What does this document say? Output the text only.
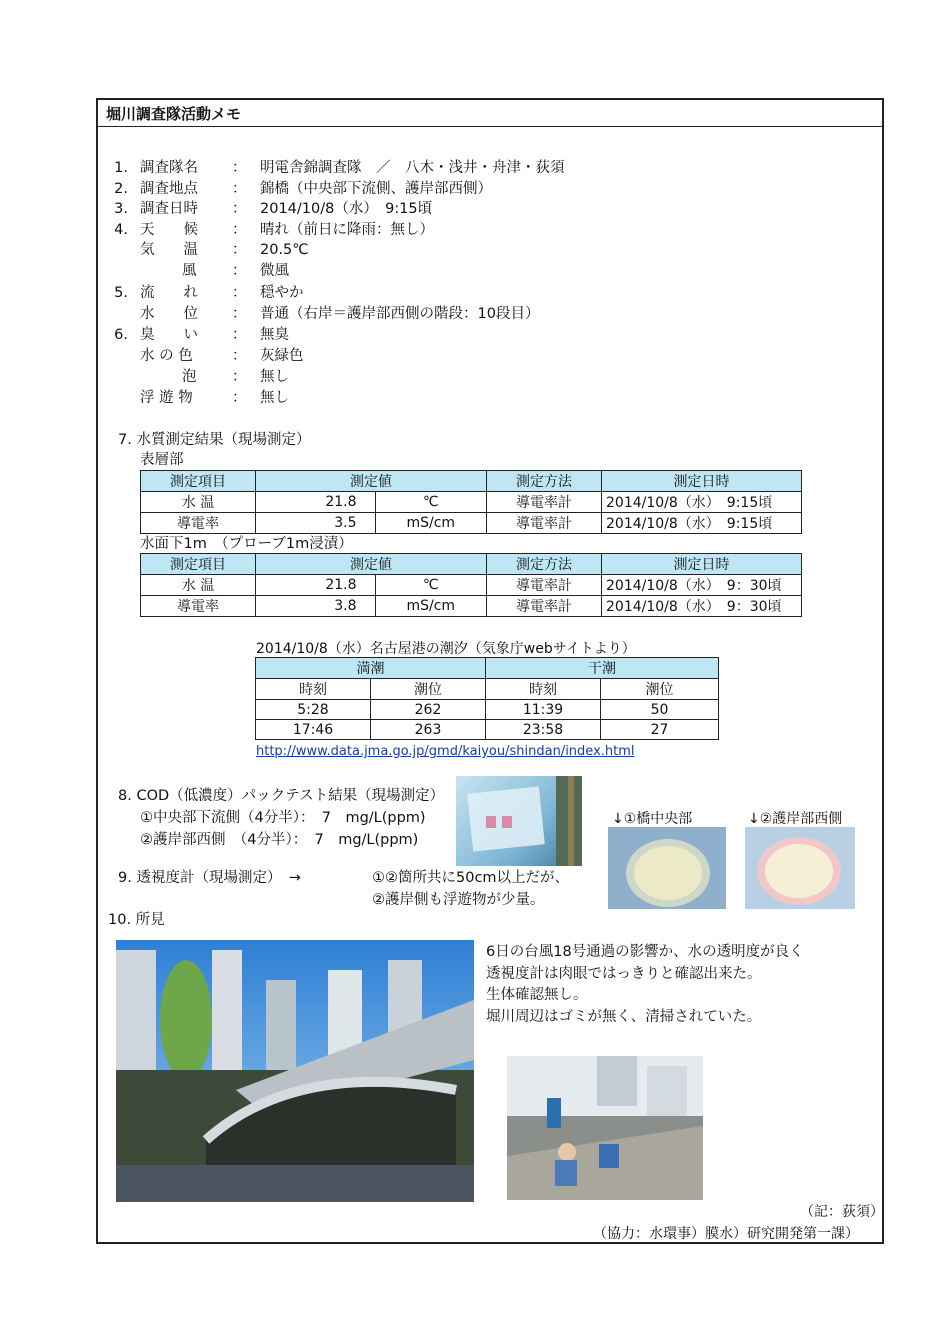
堀川調査隊活動メモ
1. 調査隊名 ： 明電舎錦調査隊　／　八木・浅井・舟津・荻須
2. 調査地点 ： 錦橋（中央部下流側、護岸部西側）
3. 調査日時 ： 2014/10/8（水）　9:15頃
4. 天　　候 ： 晴れ（前日に降雨：無し）
気　　温 ： 20.5℃
風 ： 微風
5. 流　　れ ： 穏やか
水　　位 ： 普通（右岸＝護岸部西側の階段：10段目）
6. 臭　　い ： 無臭
水 の 色	： 灰緑色
泡 ： 無し
浮 遊 物	： 無し
7. 水質測定結果（現場測定）
表層部
測定項目	測定値		測定方法	測定日時
水 温	21.8	℃	導電率計	2014/10/8（水）　9:15頃
導電率	3.5	mS/cm	導電率計	2014/10/8（水）　9:15頃
水面下1m　（プローブ1m浸漬）
測定項目	測定値		測定方法	測定日時
水 温	21.8	℃	導電率計	2014/10/8（水）　9：30頃
導電率	3.8	mS/cm	導電率計	2014/10/8（水）　9：30頃
2014/10/8（水）名古屋港の潮汐（気象庁webサイトより）
満潮		干潮	
時刻	潮位	時刻	潮位
5:28	262	11:39	50
17:46	263	23:58	27
http://www.data.jma.go.jp/gmd/kaiyou/shindan/index.html
8. COD（低濃度）パックテスト結果（現場測定）
①中央部下流側（4分半）：　7　mg/L(ppm)
②護岸部西側　（4分半）：　7　mg/L(ppm)
↓①橋中央部	↓②護岸部西側
9. 透視度計（現場測定）　→	①②箇所共に50cm以上だが、
②護岸側も浮遊物が少量。
10. 所見
6日の台風18号通過の影響か、水の透明度が良く
透視度計は肉眼ではっきりと確認出来た。
生体確認無し。
堀川周辺はゴミが無く、清掃されていた。
（記：荻須）
（協力：水環事）膜水）研究開発第一課）
